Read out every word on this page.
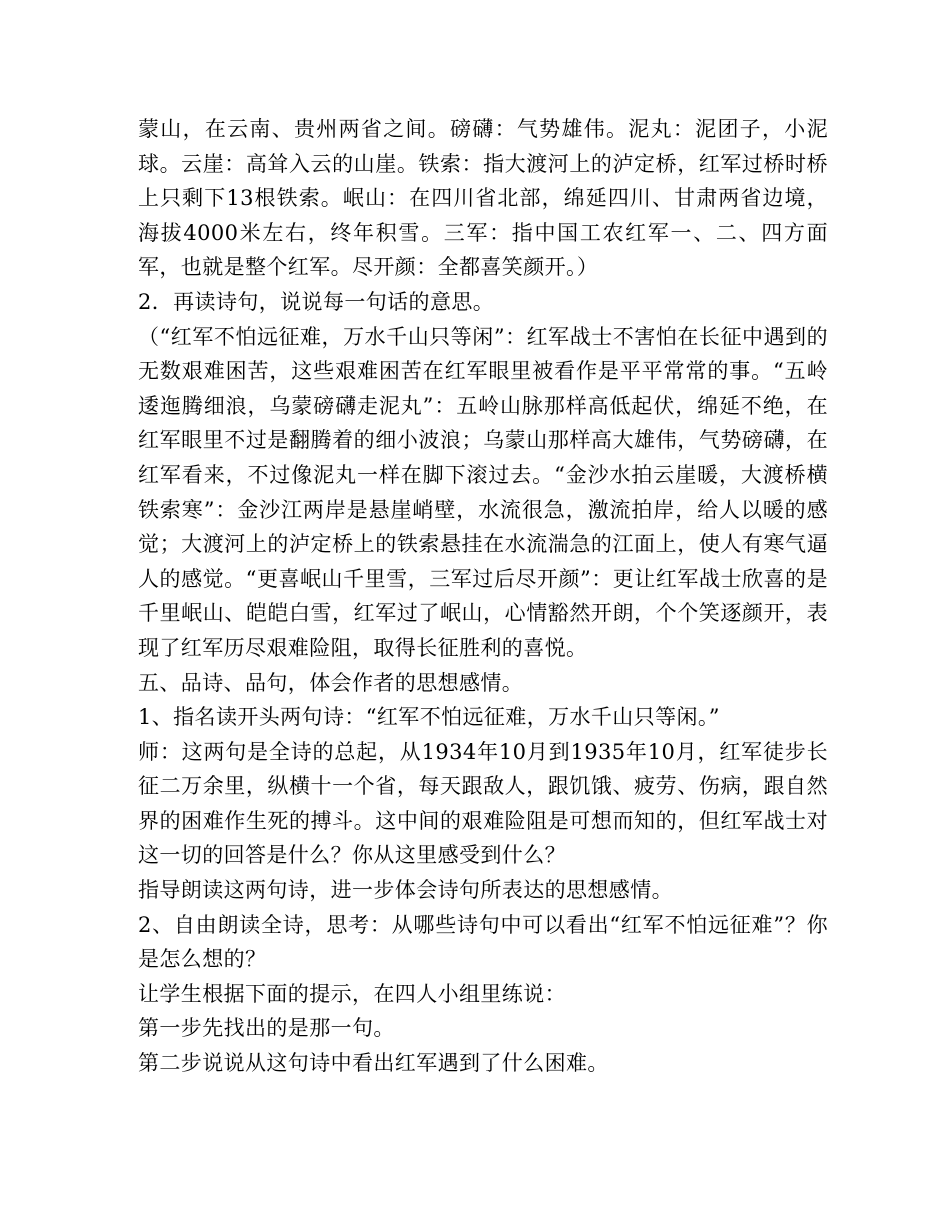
蒙山，在云南、贵州两省之间。磅礴：气势雄伟。泥丸：泥团子，小泥球。云崖：高耸入云的山崖。铁索：指大渡河上的泸定桥，红军过桥时桥上只剩下13根铁索。岷山：在四川省北部，绵延四川、甘肃两省边境，海拔4000米左右，终年积雪。三军：指中国工农红军一、二、四方面军，也就是整个红军。尽开颜：全都喜笑颜开。）

2．再读诗句，说说每一句话的意思。

（“红军不怕远征难，万水千山只等闲”：红军战士不害怕在长征中遇到的无数艰难困苦，这些艰难困苦在红军眼里被看作是平平常常的事。“五岭逶迤腾细浪，乌蒙磅礴走泥丸”：五岭山脉那样高低起伏，绵延不绝，在红军眼里不过是翻腾着的细小波浪；乌蒙山那样高大雄伟，气势磅礴，在红军看来，不过像泥丸一样在脚下滚过去。“金沙水拍云崖暖，大渡桥横铁索寒”：金沙江两岸是悬崖峭壁，水流很急，激流拍岸，给人以暖的感觉；大渡河上的泸定桥上的铁索悬挂在水流湍急的江面上，使人有寒气逼人的感觉。“更喜岷山千里雪，三军过后尽开颜”：更让红军战士欣喜的是千里岷山、皑皑白雪，红军过了岷山，心情豁然开朗，个个笑逐颜开，表现了红军历尽艰难险阻，取得长征胜利的喜悦。

五、品诗、品句，体会作者的思想感情。

1、指名读开头两句诗：“红军不怕远征难，万水千山只等闲。”

师：这两句是全诗的总起，从1934年10月到1935年10月，红军徒步长征二万余里，纵横十一个省，每天跟敌人，跟饥饿、疲劳、伤病，跟自然界的困难作生死的搏斗。这中间的艰难险阻是可想而知的，但红军战士对这一切的回答是什么？你从这里感受到什么？

指导朗读这两句诗，进一步体会诗句所表达的思想感情。

2、自由朗读全诗，思考：从哪些诗句中可以看出“红军不怕远征难”？你是怎么想的？

让学生根据下面的提示，在四人小组里练说：

第一步先找出的是那一句。

第二步说说从这句诗中看出红军遇到了什么困难。
